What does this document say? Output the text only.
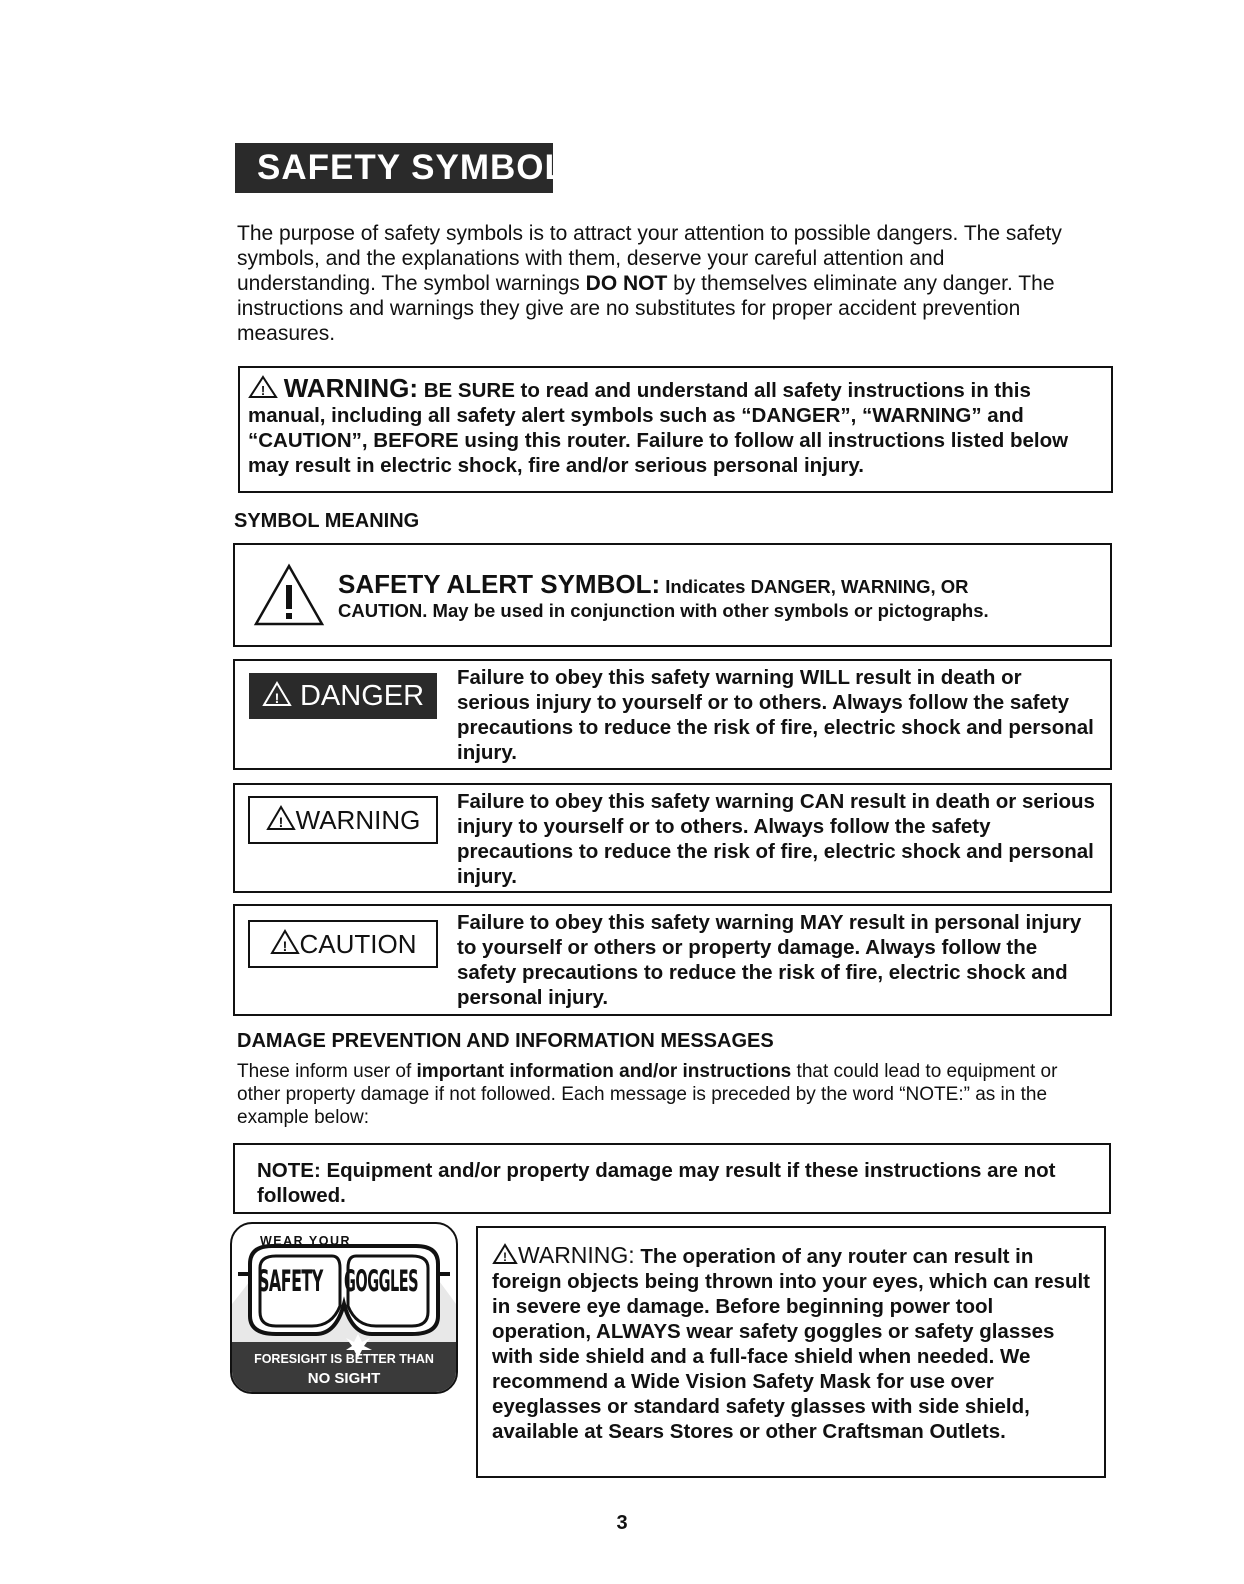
SAFETY SYMBOLS
The purpose of safety symbols is to attract your attention to possible dangers. The safety symbols, and the explanations with them, deserve your careful attention and understanding. The symbol warnings DO NOT by themselves eliminate any danger. The instructions and warnings they give are no substitutes for proper accident prevention measures.
! WARNING: BE SURE to read and understand all safety instructions in this manual, including all safety alert symbols such as “DANGER”, “WARNING” and “CAUTION”, BEFORE using this router. Failure to follow all instructions listed below may result in electric shock, fire and/or serious personal injury.
SYMBOL MEANING
SAFETY ALERT SYMBOL: Indicates DANGER, WARNING, OR
CAUTION. May be used in conjunction with other symbols or pictographs.
! DANGER
Failure to obey this safety warning WILL result in death or serious injury to yourself or to others. Always follow the safety precautions to reduce the risk of fire, electric shock and personal injury.
! WARNING
Failure to obey this safety warning CAN result in death or serious injury to yourself or to others. Always follow the safety precautions to reduce the risk of fire, electric shock and personal injury.
! CAUTION
Failure to obey this safety warning MAY result in personal injury to yourself or others or property damage. Always follow the safety precautions to reduce the risk of fire, electric shock and personal injury.
DAMAGE PREVENTION AND INFORMATION MESSAGES
These inform user of important information and/or instructions that could lead to equipment or other property damage if not followed. Each message is preceded by the word “NOTE:” as in the example below:
NOTE: Equipment and/or property damage may result if these instructions are not followed.
WEAR YOUR
SAFETY GOGGLES
FORESIGHT IS BETTER THAN
NO SIGHT
! WARNING: The operation of any router can result in foreign objects being thrown into your eyes, which can result in severe eye damage. Before beginning power tool operation, ALWAYS wear safety goggles or safety glasses with side shield and a full-face shield when needed. We recommend a Wide Vision Safety Mask for use over eyeglasses or standard safety glasses with side shield, available at Sears Stores or other Craftsman Outlets.
3
